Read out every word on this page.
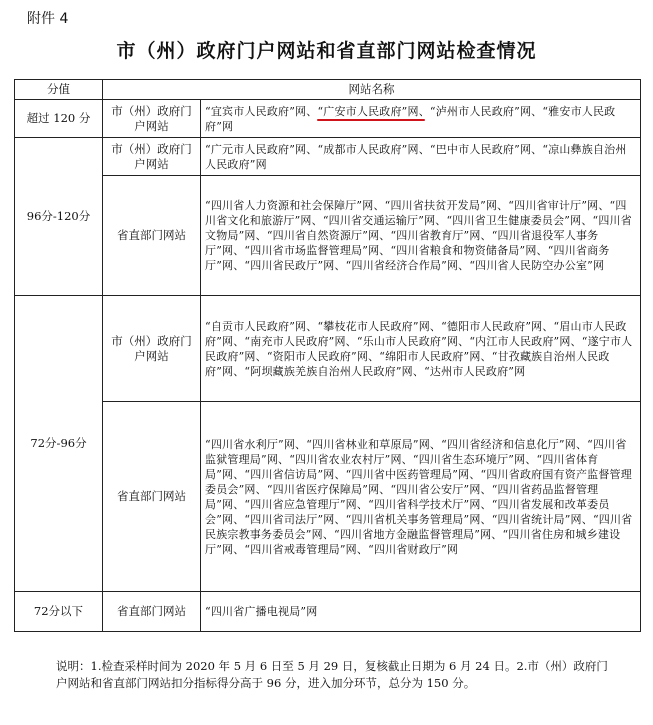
附件 4
市（州）政府门户网站和省直部门网站检查情况
分值	网站名称	
超过 120 分	市（州）政府门户网站	“宜宾市人民政府”网、“广安市人民政府”网、“泸州市人民政府”网、“雅安市人民政府”网
96分-120分	市（州）政府门户网站	“广元市人民政府”网、“成都市人民政府”网、“巴中市人民政府”网、“凉山彝族自治州人民政府”网
	省直部门网站	“四川省人力资源和社会保障厅”网、“四川省扶贫开发局”网、“四川省审计厅”网、“四川省文化和旅游厅”网、“四川省交通运输厅”网、“四川省卫生健康委员会”网、“四川省文物局”网、“四川省自然资源厅”网、“四川省教育厅”网、“四川省退役军人事务厅”网、“四川省市场监督管理局”网、“四川省粮食和物资储备局”网、“四川省商务厅”网、“四川省民政厅”网、“四川省经济合作局”网、“四川省人民防空办公室”网
72分-96分	市（州）政府门户网站	“自贡市人民政府”网、“攀枝花市人民政府”网、“德阳市人民政府”网、“眉山市人民政府”网、“南充市人民政府”网、“乐山市人民政府”网、“内江市人民政府”网、“遂宁市人民政府”网、“资阳市人民政府”网、“绵阳市人民政府”网、“甘孜藏族自治州人民政府”网、“阿坝藏族羌族自治州人民政府”网、“达州市人民政府”网
	省直部门网站	“四川省水利厅”网、“四川省林业和草原局”网、“四川省经济和信息化厅”网、“四川省监狱管理局”网、“四川省农业农村厅”网、“四川省生态环境厅”网、“四川省体育局”网、“四川省信访局”网、“四川省中医药管理局”网、“四川省政府国有资产监督管理委员会”网、“四川省医疗保障局”网、“四川省公安厅”网、“四川省药品监督管理局”网、“四川省应急管理厅”网、“四川省科学技术厅”网、“四川省发展和改革委员会”网、“四川省司法厅”网、“四川省机关事务管理局”网、“四川省统计局”网、“四川省民族宗教事务委员会”网、“四川省地方金融监督管理局”网、“四川省住房和城乡建设厅”网、“四川省戒毒管理局”网、“四川省财政厅”网
72分以下	省直部门网站	“四川省广播电视局”网
说明：1.检查采样时间为 2020 年 5 月 6 日至 5 月 29 日，复核截止日期为 6 月 24 日。2.市（州）政府门户网站和省直部门网站扣分指标得分高于 96 分，进入加分环节，总分为 150 分。
